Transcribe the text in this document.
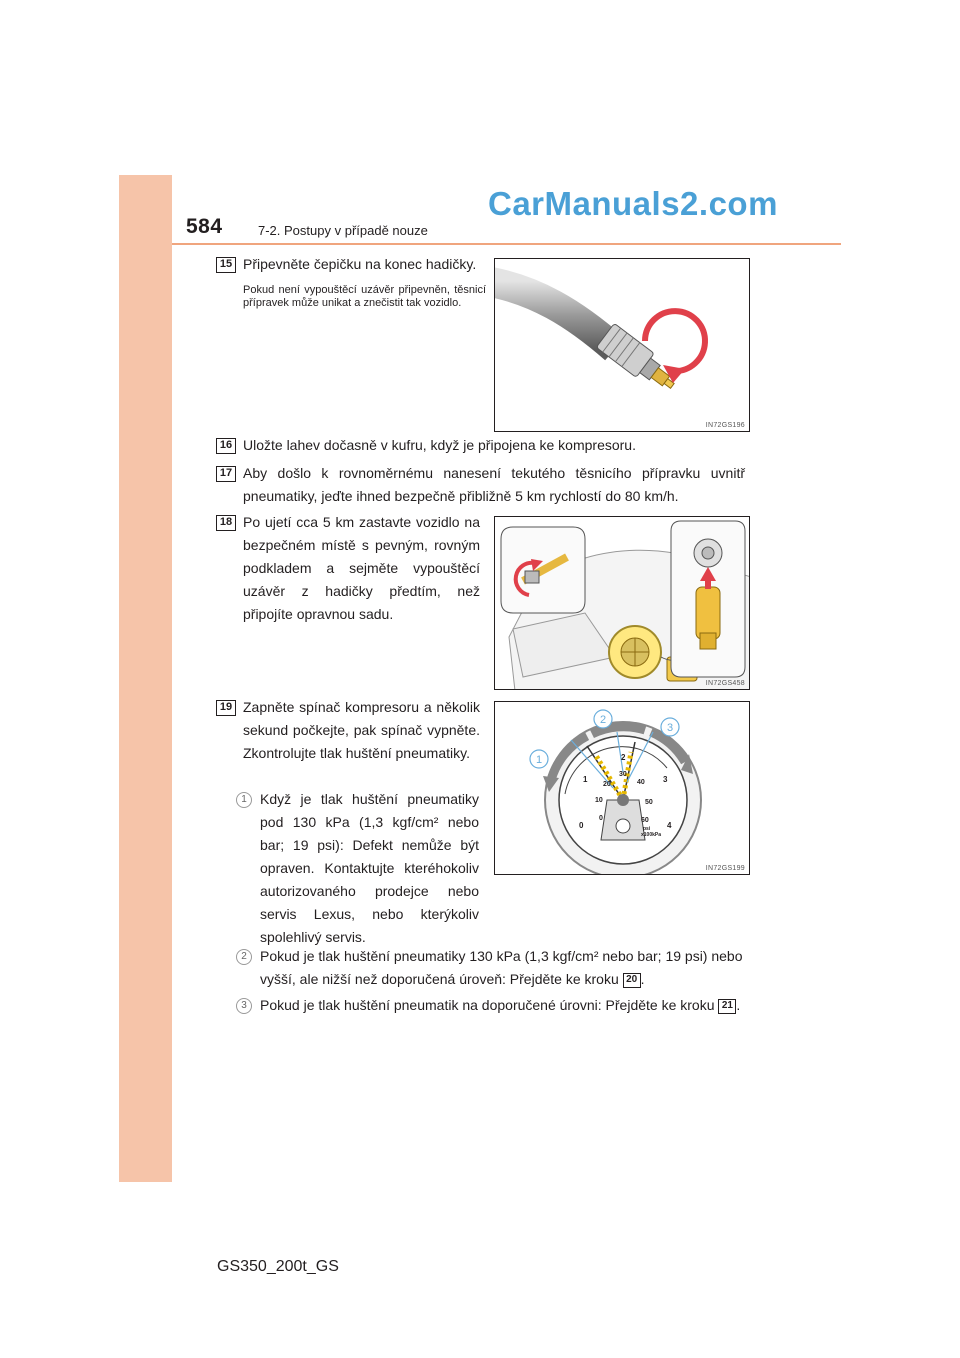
CarManuals2.com
584	7-2. Postupy v případě nouze
15 Připevněte čepičku na konec hadičky.
Pokud není vypouštěcí uzávěr připevněn, těsnicí přípravek může unikat a znečistit tak vozidlo.
IN72GS196
16 Uložte lahev dočasně v kufru, když je připojena ke kompresoru.
17 Aby došlo k rovnoměrnému nanesení tekutého těsnicího přípravku uvnitř pneumatiky, jeďte ihned bezpečně přibližně 5 km rychlostí do 80 km/h.
18 Po ujetí cca 5 km zastavte vozidlo na bezpečném místě s pevným, rovným podkladem a sejměte vypouštěcí uzávěr z hadičky předtím, než připojíte opravnou sadu.
IN72GS458
19 Zapněte spínač kompresoru a několik sekund počkejte, pak spínač vypněte. Zkontrolujte tlak huštění pneumatiky.	1
2
3
0
1
2
3
4
0
10
20
30
40
50
60
psi
x100kPa
IN72GS199
1 Když je tlak huštění pneumatiky pod 130 kPa (1,3 kgf/cm² nebo bar; 19 psi): Defekt nemůže být opraven. Kontaktujte kteréhokoliv autorizovaného prodejce nebo servis Lexus, nebo kterýkoliv spolehlivý servis.
2 Pokud je tlak huštění pneumatiky 130 kPa (1,3 kgf/cm² nebo bar; 19 psi) nebo vyšší, ale nižší než doporučená úroveň: Přejděte ke kroku 20 .
3 Pokud je tlak huštění pneumatik na doporučené úrovni: Přejděte ke kroku 21 .
GS350_200t_GS
